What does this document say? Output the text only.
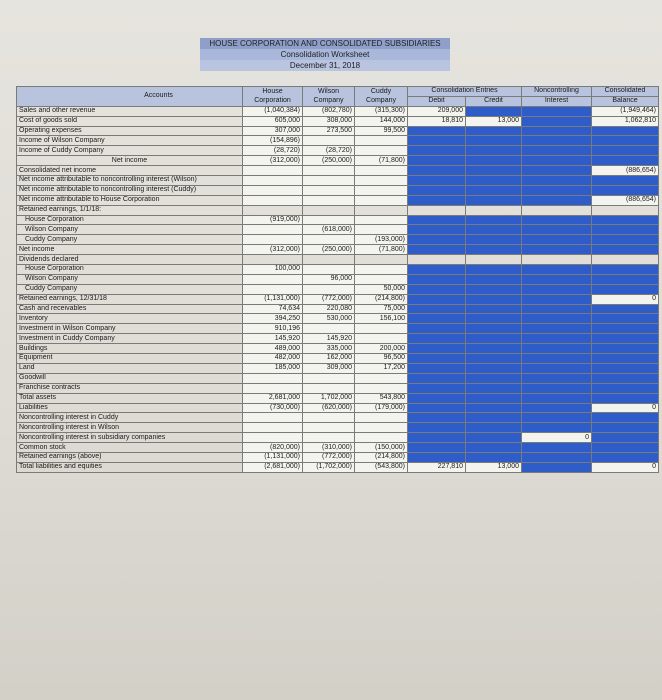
HOUSE CORPORATION AND CONSOLIDATED SUBSIDIARIES
Consolidation Worksheet
December 31, 2018
Accounts	House Corporation	Wilson Company	Cuddy Company	Consolidation Entries		Noncontrolling	Consolidated
				Debit	Credit	Interest	Balance

Sales and other revenue	(1,040,384)	(802,780)	(315,300)	209,000			(1,949,464)
Cost of goods sold	605,000	308,000	144,000	18,810	13,000		1,062,810
Operating expenses	307,000	273,500	99,500				
Income of Wilson Company	(154,896)						
Income of Cuddy Company	(28,720)	(28,720)					
Net income	(312,000)	(250,000)	(71,800)				
Consolidated net income							(886,654)
Net income attributable to noncontrolling interest (Wilson)							
Net income attributable to noncontrolling interest (Cuddy)							
Net income attributable to House Corporation							(886,654)
Retained earnings, 1/1/18:							
House Corporation	(919,000)						
Wilson Company		(618,000)					
Cuddy Company			(193,000)				
Net income	(312,000)	(250,000)	(71,800)				
Dividends declared							
House Corporation	100,000						
Wilson Company		96,000					
Cuddy Company			50,000				
Retained earnings, 12/31/18	(1,131,000)	(772,000)	(214,800)				0
Cash and receivables	74,634	220,080	75,000				
Inventory	394,250	530,000	156,100				
Investment in Wilson Company	910,196						
Investment in Cuddy Company	145,920	145,920					
Buildings	489,000	335,000	200,000				
Equipment	482,000	162,000	96,500				
Land	185,000	309,000	17,200				
Goodwill							
Franchise contracts							
Total assets	2,681,000	1,702,000	543,800				
Liabilities	(730,000)	(620,000)	(179,000)				0
Noncontrolling interest in Cuddy							
Noncontrolling interest in Wilson							
Noncontrolling interest in subsidiary companies						0	
Common stock	(820,000)	(310,000)	(150,000)				
Retained earnings (above)	(1,131,000)	(772,000)	(214,800)				
Total liabilities and equities	(2,681,000)	(1,702,000)	(543,800)	227,810	13,000		0
